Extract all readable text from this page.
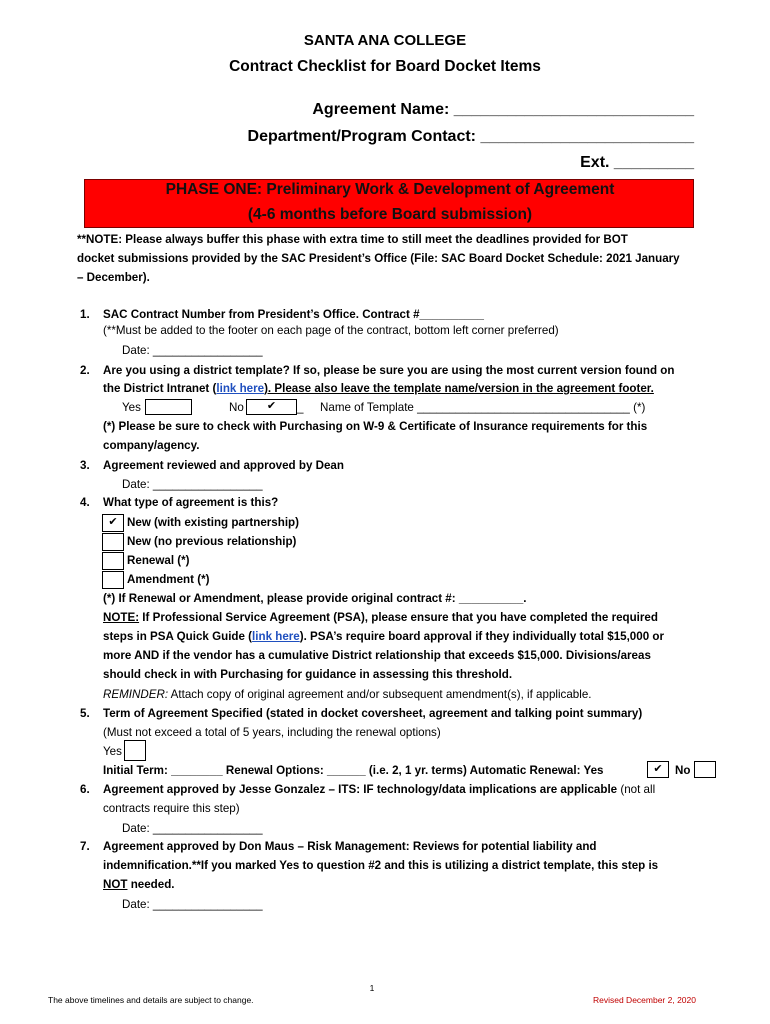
SANTA ANA COLLEGE
Contract Checklist for Board Docket Items
Agreement Name: ___________________________
Department/Program Contact: ________________________
Ext. _________
PHASE ONE: Preliminary Work & Development of Agreement
(4-6 months before Board submission)
**NOTE: Please always buffer this phase with extra time to still meet the deadlines provided for BOT
docket submissions provided by the SAC President’s Office (File: SAC Board Docket Schedule: 2021 January
– December).
1. SAC Contract Number from President’s Office. Contract #__________
(**Must be added to the footer on each page of the contract, bottom left corner preferred)
Date: _________________
2. Are you using a district template? If so, please be sure you are using the most current version found on
the District Intranet (link here). Please also leave the template name/version in the agreement footer.
Yes	No	✔	_ Name of Template _________________________________ (*)
(*) Please be sure to check with Purchasing on W-9 & Certificate of Insurance requirements for this
company/agency.
3. Agreement reviewed and approved by Dean
Date: _________________
4. What type of agreement is this?
✔ New (with existing partnership)
New (no previous relationship)
Renewal (*)
Amendment (*)
(*) If Renewal or Amendment, please provide original contract #: __________.
NOTE: If Professional Service Agreement (PSA), please ensure that you have completed the required
steps in PSA Quick Guide (link here). PSA’s require board approval if they individually total $15,000 or
more AND if the vendor has a cumulative District relationship that exceeds $15,000. Divisions/areas
should check in with Purchasing for guidance in assessing this threshold.
REMINDER: Attach copy of original agreement and/or subsequent amendment(s), if applicable.
5. Term of Agreement Specified (stated in docket coversheet, agreement and talking point summary)
(Must not exceed a total of 5 years, including the renewal options)
Yes
Initial Term: ________ Renewal Options: ______ (i.e. 2, 1 yr. terms) Automatic Renewal: Yes	✔	No
6. Agreement approved by Jesse Gonzalez – ITS: IF technology/data implications are applicable (not all
contracts require this step)
Date: _________________
7. Agreement approved by Don Maus – Risk Management: Reviews for potential liability and
indemnification.**If you marked Yes to question #2 and this is utilizing a district template, this step is
NOT needed.
Date: _________________
1
The above timelines and details are subject to change.	Revised December 2, 2020
